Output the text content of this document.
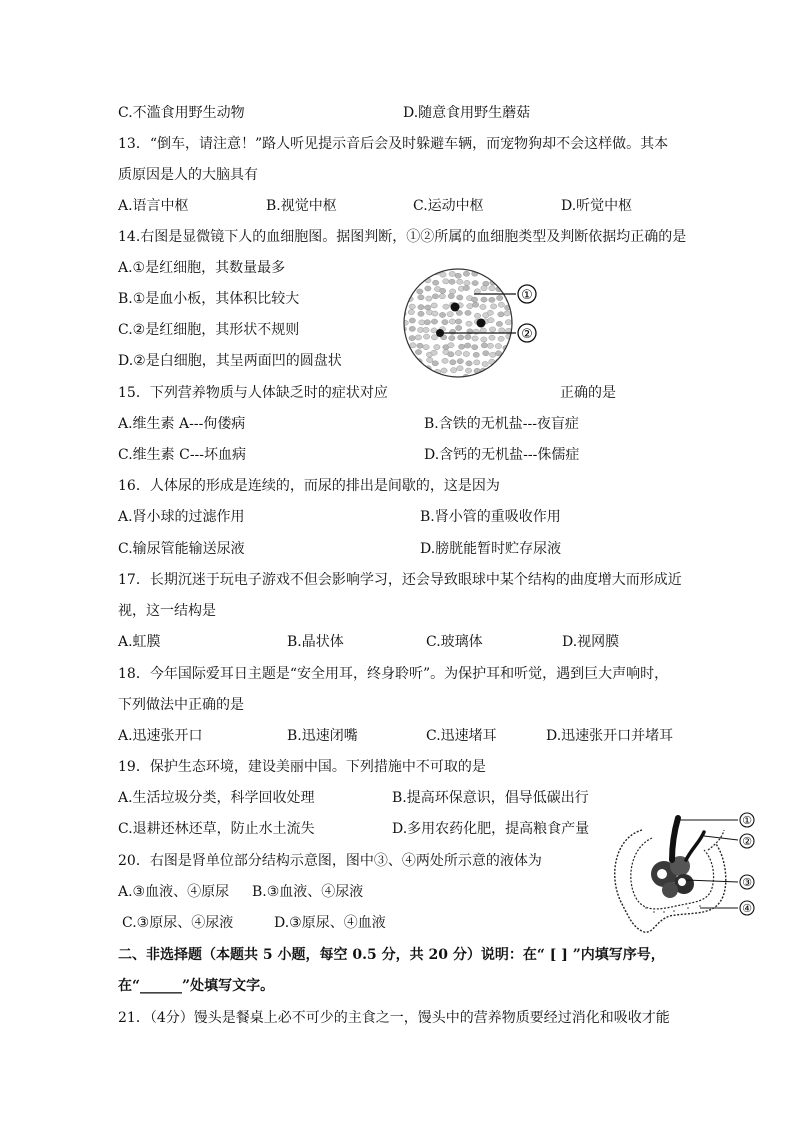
C.不滥食用野生动物	D.随意食用野生蘑菇
13．“倒车，请注意！”路人听见提示音后会及时躲避车辆，而宠物狗却不会这样做。其本
质原因是人的大脑具有
A.语言中枢	B.视觉中枢	C.运动中枢	D.听觉中枢
14.右图是显微镜下人的血细胞图。据图判断，①②所属的血细胞类型及判断依据均正确的是
A.①是红细胞，其数量最多
B.①是血小板，其体积比较大
C.②是红细胞，其形状不规则
D.②是白细胞，其呈两面凹的圆盘状
①
②
15．下列营养物质与人体缺乏时的症状对应	正确的是
A.维生素 A---佝偻病	B.含铁的无机盐---夜盲症
C.维生素 C---坏血病	D.含钙的无机盐---侏儒症
16．人体尿的形成是连续的，而尿的排出是间歇的，这是因为
A.肾小球的过滤作用	B.肾小管的重吸收作用
C.输尿管能输送尿液	D.膀胱能暂时贮存尿液
17．长期沉迷于玩电子游戏不但会影响学习，还会导致眼球中某个结构的曲度增大而形成近
视，这一结构是
A.虹膜	B.晶状体	C.玻璃体	D.视网膜
18．今年国际爱耳日主题是“安全用耳，终身聆听”。为保护耳和听觉，遇到巨大声响时，
下列做法中正确的是
A.迅速张开口	B.迅速闭嘴	C.迅速堵耳	D.迅速张开口并堵耳
19．保护生态环境，建设美丽中国。下列措施中不可取的是
A.生活垃圾分类，科学回收处理	B.提高环保意识，倡导低碳出行
C.退耕还林还草，防止水土流失	D.多用农药化肥，提高粮食产量
①
②
③
④
20．右图是肾单位部分结构示意图，图中③、④两处所示意的液体为
A.③血液、④原尿 B.③血液、④尿液
C.③原尿、④尿液	D.③原尿、④血液
二、非选择题（本题共 5 小题，每空 0.5 分，共 20 分）说明：在“ [ ] ”内填写序号，
在“______”处填写文字。
21．（4分）馒头是餐桌上必不可少的主食之一，馒头中的营养物质要经过消化和吸收才能
